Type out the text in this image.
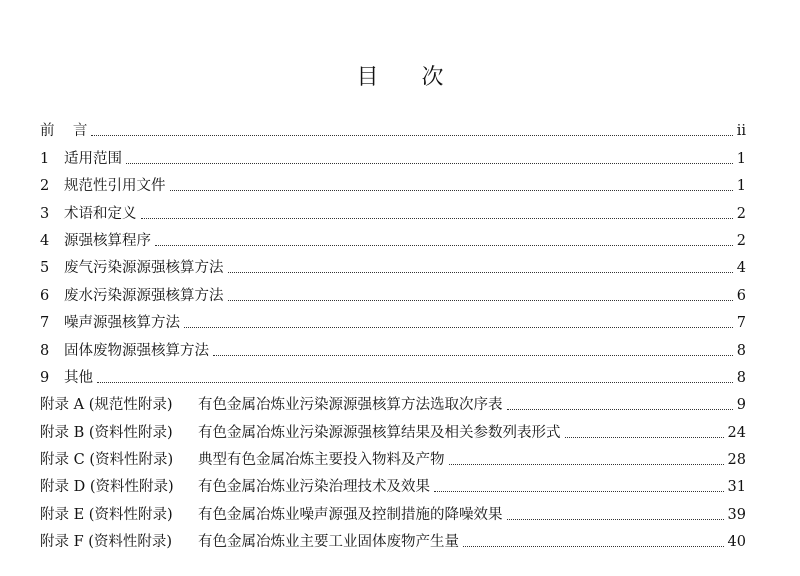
目 次
前    言	ii
1	适用范围	1
2	规范性引用文件	1
3	术语和定义	2
4	源强核算程序	2
5	废气污染源源强核算方法	4
6	废水污染源源强核算方法	6
7	噪声源强核算方法	7
8	固体废物源强核算方法	8
9	其他	8
附录 A (规范性附录)	有色金属冶炼业污染源源强核算方法选取次序表	9
附录 B (资料性附录)	有色金属冶炼业污染源源强核算结果及相关参数列表形式	24
附录 C (资料性附录)	典型有色金属冶炼主要投入物料及产物	28
附录 D (资料性附录)	有色金属冶炼业污染治理技术及效果	31
附录 E (资料性附录)	有色金属冶炼业噪声源强及控制措施的降噪效果	39
附录 F (资料性附录)	有色金属冶炼业主要工业固体废物产生量	40
